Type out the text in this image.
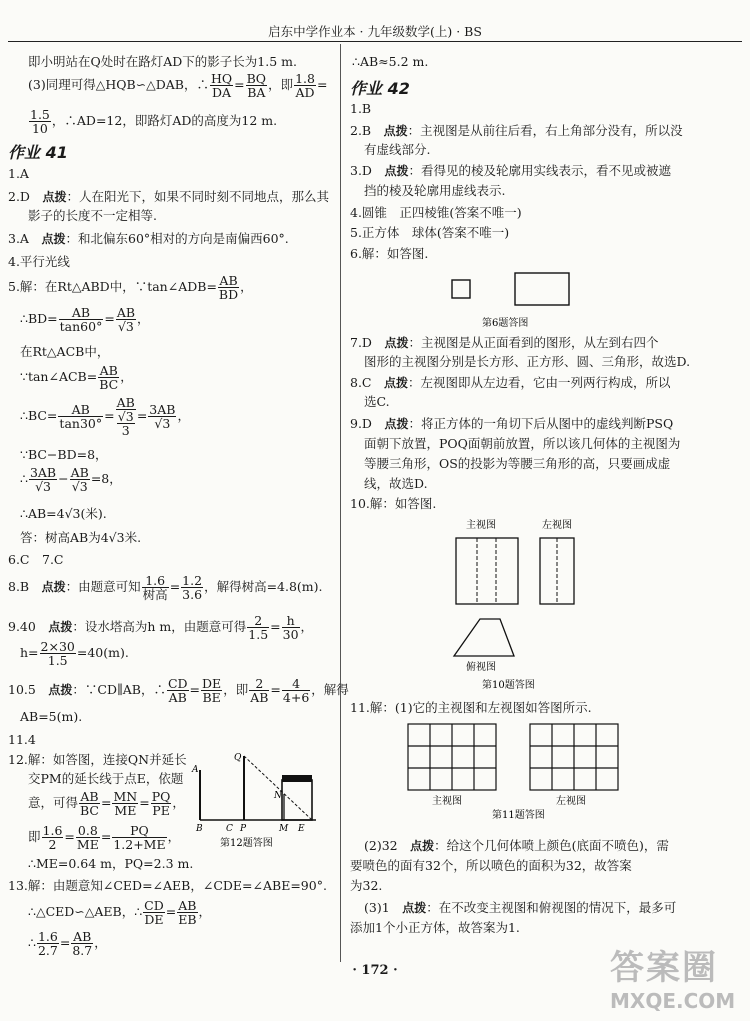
启东中学作业本 · 九年级数学(上) · BS
即小明站在Q处时在路灯AD下的影子长为1.5 m.
(3)同理可得△HQB∽△DAB，∴ $\frac{HQ}{DA} = \frac{BQ}{BA}$ ，即 $\frac{1.8}{AD}$ =
$\frac{1.5}{10}$ ，∴AD=12，即路灯AD的高度为12 m.
作业 41
1.A
2.D　 点拨：人在阳光下，如果不同时刻不同地点，那么其
影子的长度不一定相等.
3.A　 点拨：和北偏东60°相对的方向是南偏西60°.
4.平行光线
5.解：在Rt△ABD中，∵tan∠ADB= $\frac{AB}{BD}$ ，
∴BD= $\frac{AB}{\tan 60^\circ} = \frac{AB}{√3}$ ，
在Rt△ACB中，
∵tan∠ACB= $\frac{AB}{BC}$ ，
∴BC= $\frac{AB}{\tan 30^\circ}$ = AB
√3
$3 = \frac{3AB}{√3}$ ，
∵BC−BD=8，
∴ $\frac{3AB}{√3} - \frac{AB}{√3} =8$，
∴AB=4√3(米).
答：树高AB为4√3米.
6.C　7.C
8.B　 点拨：由题意可知 $\frac{1.6}{\text{树高}} = \frac{1.2}{3.6}$ ，解得树高=4.8(m).
9.40　 点拨：设水塔高为h m，由题意可得 $\frac{2}{1.5} = \frac{h}{30}$ ，
$h= \frac{2\times 30}{1.5} =40(m)$.
10.5　 点拨：∵CD∥AB，∴ $\frac{CD}{AB} = \frac{DE}{BE}$ ，即 $\frac{2}{AB} = \frac{4}{4+6}$ ，解得
AB=5(m).
11.4
12.解：如答图，连接QN并延长
交PM的延长线于点E，依题
意，可得 $\frac{AB}{BC} = \frac{MN}{ME} = \frac{PQ}{PE}$ ，
即 $\frac{1.6}{2} = \frac{0.8}{ME} = \frac{PQ}{1.2+ME}$ ，
∴ME=0.64 m，PQ=2.3 m.
13.解：由题意知∠CED=∠AEB，∠CDE=∠ABE=90°.
∴△CED∽△AEB，∴ $\frac{CD}{DE} = \frac{AB}{EB}$ ，
∴ $\frac{1.6}{2.7} = \frac{AB}{8.7}$ ，
A
Q
N
B	C P	M E
第12题答图
∴AB≈5.2 m.
作业 42
1.B
2.B　 点拨：主视图是从前往后看，右上角部分没有，所以没
有虚线部分.
3.D　 点拨：看得见的棱及轮廓用实线表示，看不见或被遮
挡的棱及轮廓用虚线表示.
4.圆锥　正四棱锥(答案不唯一)
5.正方体　球体(答案不唯一)
6.解：如答图.
第6题答图
7.D　 点拨：主视图是从正面看到的图形，从左到右四个
图形的主视图分别是长方形、正方形、圆、三角形，故选D.
8.C　 点拨：左视图即从左边看，它由一列两行构成，所以
选C.
9.D　 点拨：将正方体的一角切下后从图中的虚线判断PSQ
面朝下放置，POQ面朝前放置，所以该几何体的主视图为
等腰三角形，OS的投影为等腰三角形的高，只要画成虚
线，故选D.
10.解：如答图.
主视图	左视图
俯视图
第10题答图
11.解：(1)它的主视图和左视图如答图所示.
主视图	左视图
第11题答图
(2)32　 点拨：给这个几何体喷上颜色(底面不喷色)，需
要喷色的面有32个，所以喷色的面积为32，故答案
为32.
(3)1　 点拨：在不改变主视图和俯视图的情况下，最多可
添加1个小正方体，故答案为1.
· 172 ·	答案圈
MXQE.COM
